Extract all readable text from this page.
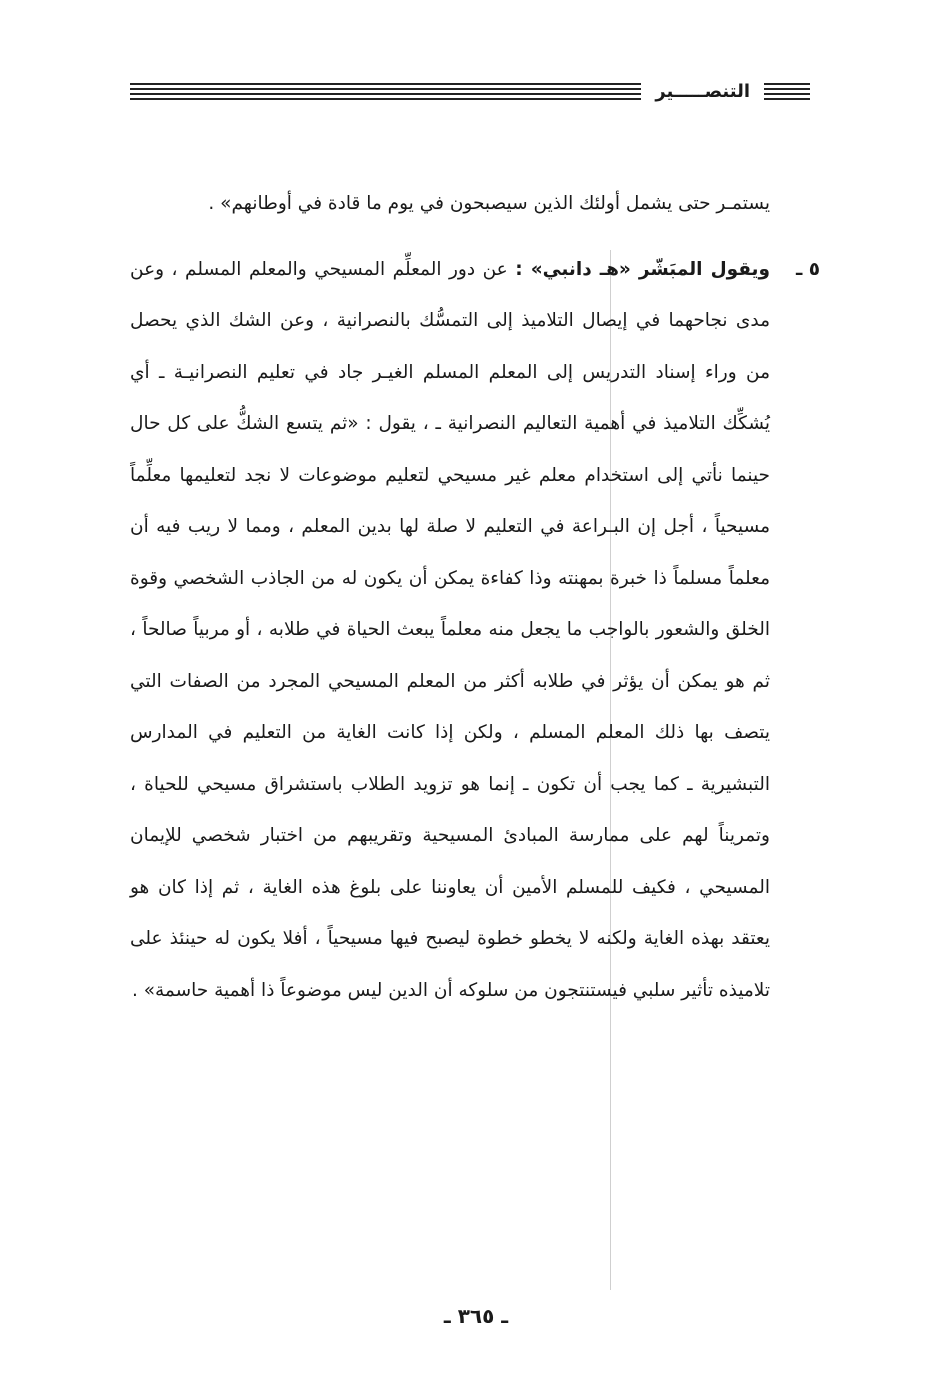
التنصـــــير

يستمـر حتى يشمل أولئك الذين سيصبحون في يوم ما قادة في أوطانهم» .

٥ ـ
ويقول المبَشّر «هـ دانبي» : عن دور المعلِّم المسيحي والمعلم المسلم ، وعن مدى نجاحهما في إيصال التلاميذ إلى التمسُّك بالنصرانية ، وعن الشك الذي يحصل من وراء إسناد التدريس إلى المعلم المسلم الغيـر جاد في تعليم النصرانيـة ـ أي يُشكِّك التلاميذ في أهمية التعاليم النصرانية ـ ، يقول : «ثم يتسع الشكُّ على كل حال حينما نأتي إلى استخدام معلم غير مسيحي لتعليم موضوعات لا نجد لتعليمها معلِّماً مسيحياً ، أجل إن البـراعة في التعليم لا صلة لها بدين المعلم ، ومما لا ريب فيه أن معلماً مسلماً ذا خبرة بمهنته وذا كفاءة يمكن أن يكون له من الجاذب الشخصي وقوة الخلق والشعور بالواجب ما يجعل منه معلماً يبعث الحياة في طلابه ، أو مربياً صالحاً ، ثم هو يمكن أن يؤثر في طلابه أكثر من المعلم المسيحي المجرد من الصفات التي يتصف بها ذلك المعلم المسلم ، ولكن إذا كانت الغاية من التعليم في المدارس التبشيرية ـ كما يجب أن تكون ـ إنما هو تزويد الطلاب باستشراق مسيحي للحياة ، وتمريناً لهم على ممارسة المبادئ المسيحية وتقريبهم من اختبار شخصي للإيمان المسيحي ، فكيف للمسلم الأمين أن يعاوننا على بلوغ هذه الغاية ، ثم إذا كان هو يعتقد بهذه الغاية ولكنه لا يخطو خطوة ليصبح فيها مسيحياً ، أفلا يكون له حينئذ على تلاميذه تأثير سلبي فيستنتجون من سلوكه أن الدين ليس موضوعاً ذا أهمية حاسمة» .

ـ ٣٦٥ ـ
